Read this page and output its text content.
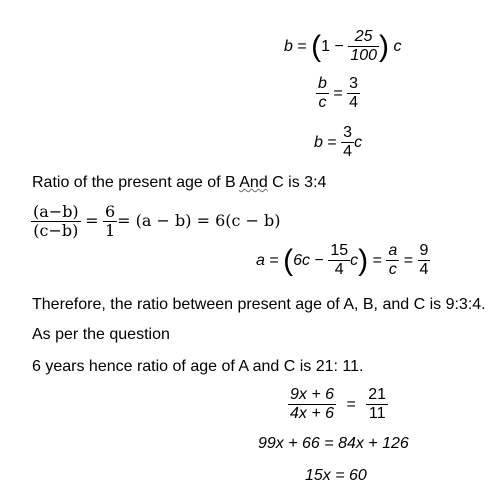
$b = (1 - \frac{25}{100}$ ) c
$\frac{b}{c} = \frac{3}{4}$
$b = \frac{3}{4}$ c
Ratio of the present age of B And C is 3:4
$\frac{(a-b)}{(c-b)} = \frac{6}{1} = (a - b) = 6(c - b)$
$a = (6c - \frac{15}{4} c) = \frac{a}{c} = \frac{9}{4}$
Therefore, the ratio between present age of A, B, and C is 9:3:4.
As per the question
6 years hence ratio of age of A and C is 21: 11.
$\frac{9x + 6}{4x + 6} = \frac{21}{11}$
99x + 66 = 84x + 126
15x = 60
